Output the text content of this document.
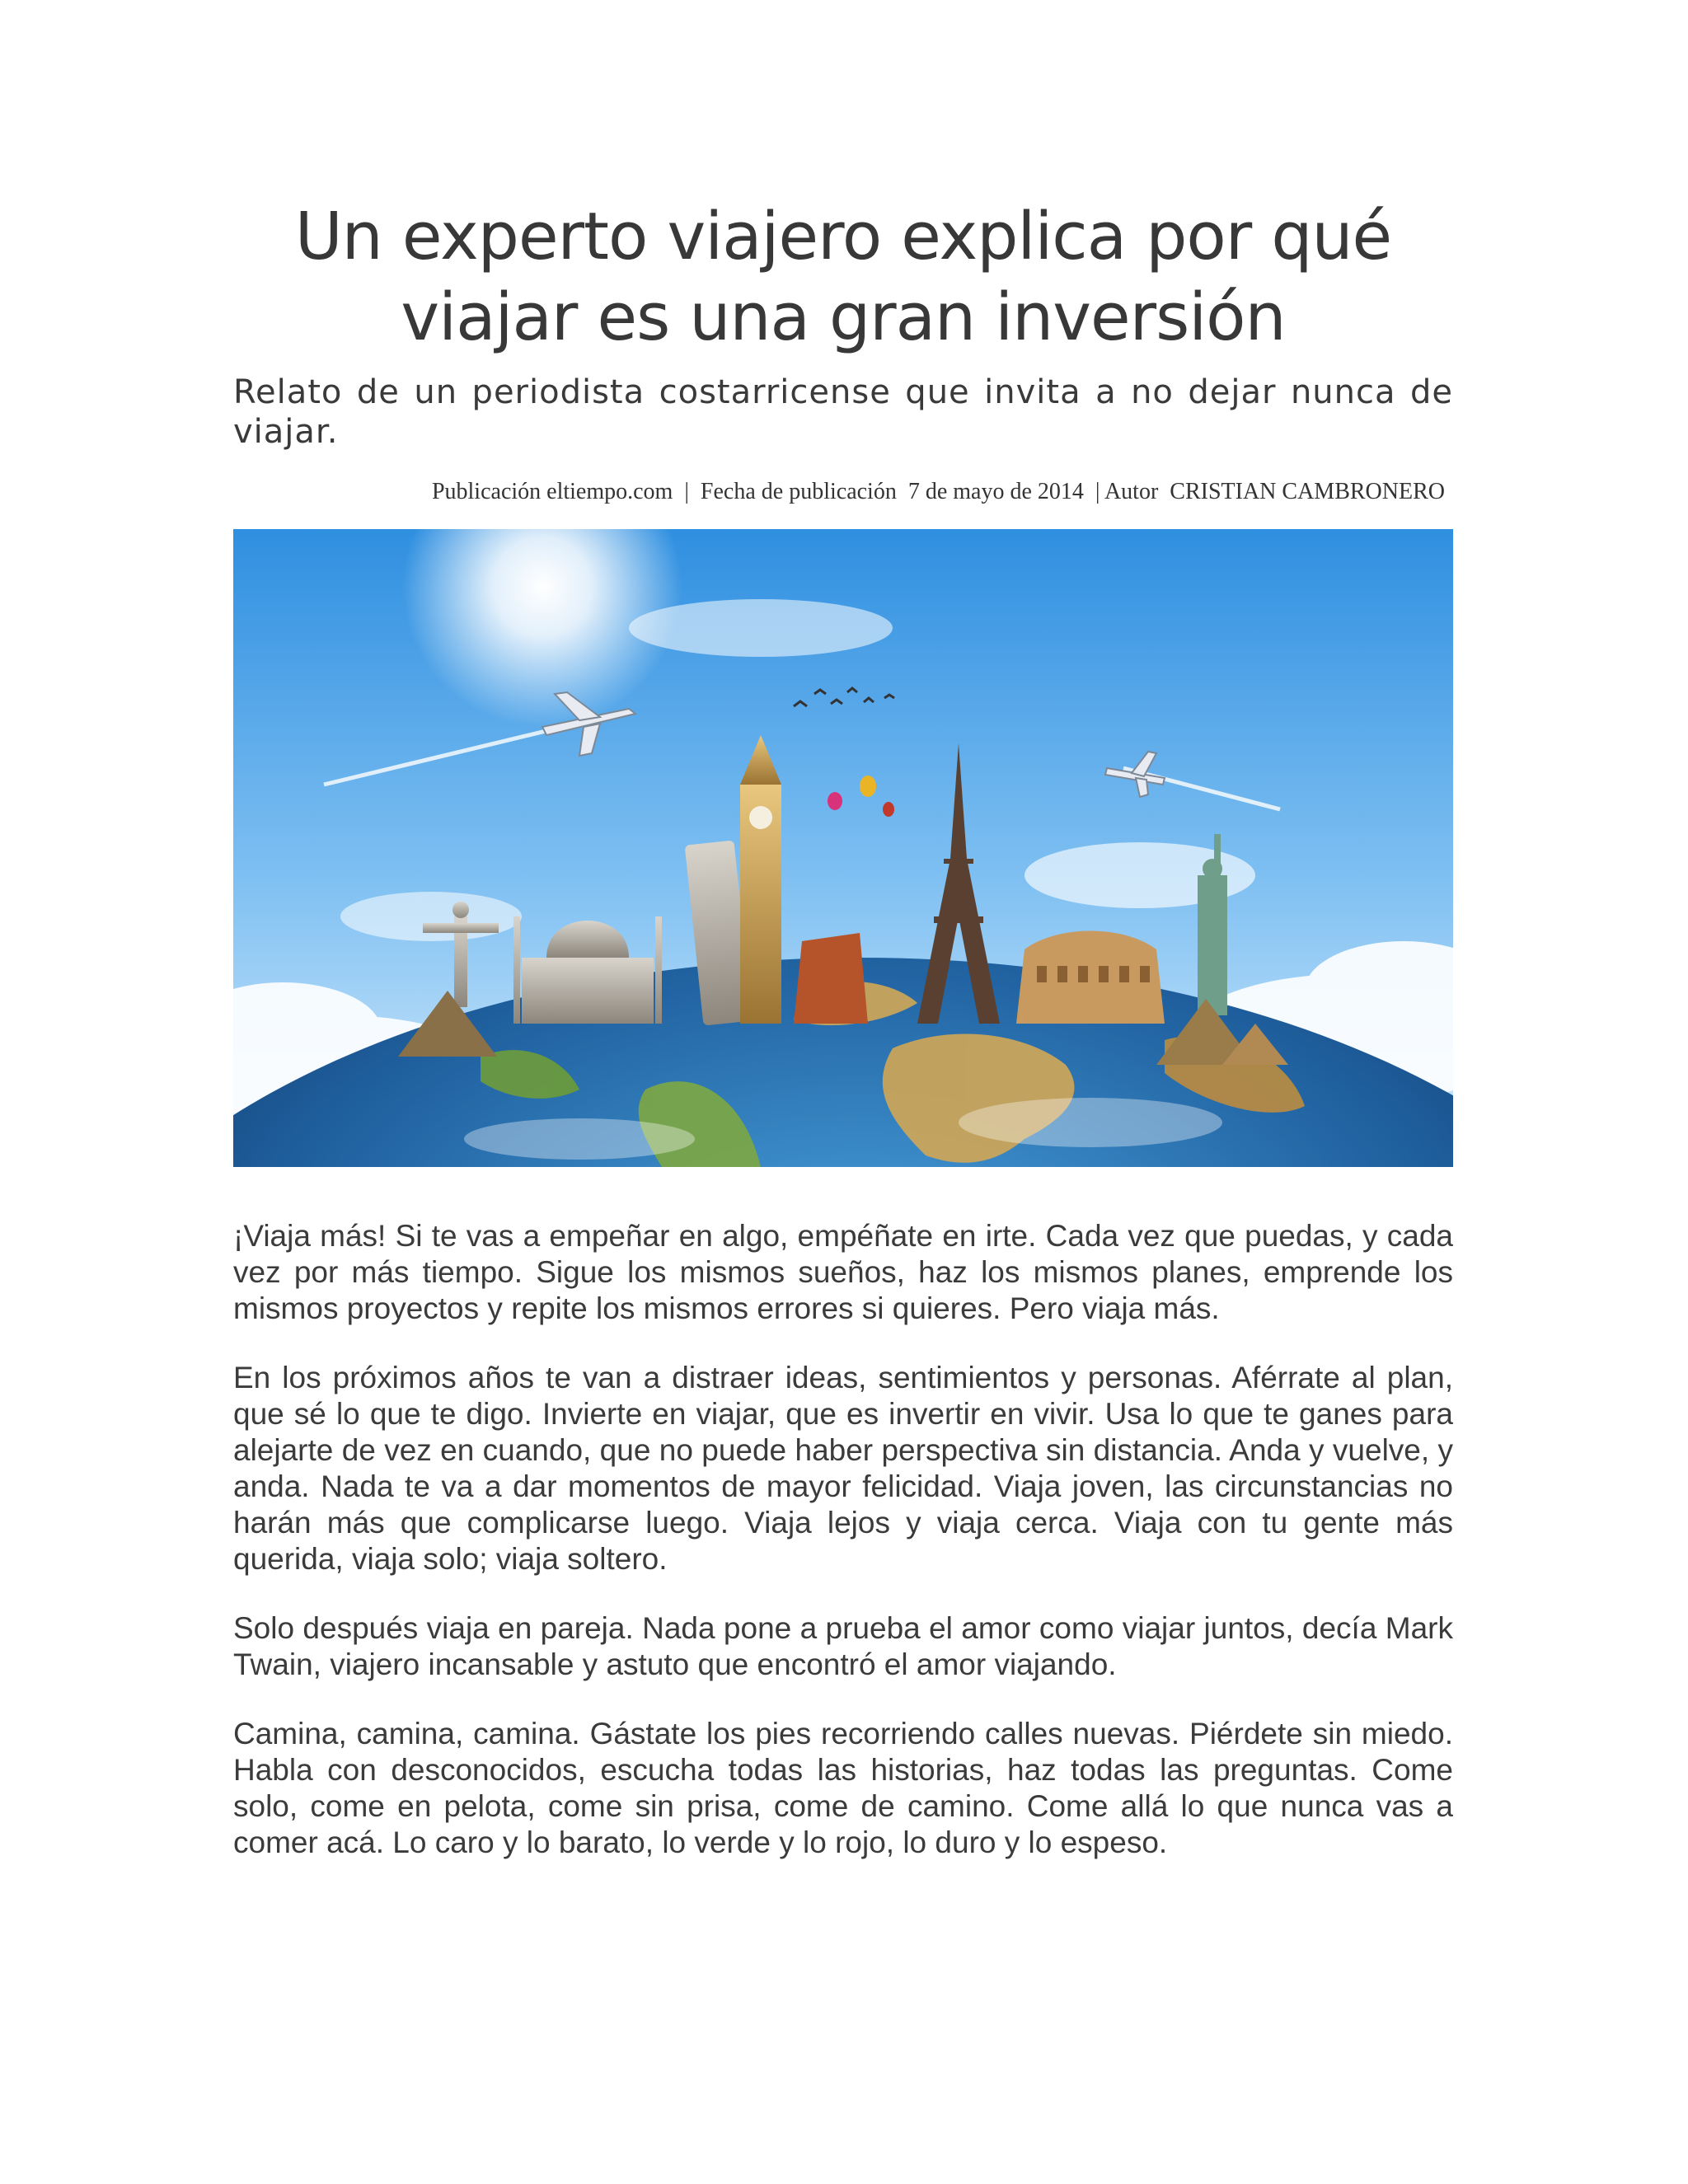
Un experto viajero explica por qué
viajar es una gran inversión

Relato de un periodista costarricense que invita a no dejar nunca de viajar.

Publicación eltiempo.com  |  Fecha de publicación  7 de mayo de 2014  | Autor  CRISTIAN CAMBRONERO

¡Viaja más! Si te vas a empeñar en algo, empéñate en irte. Cada vez que puedas, y cada vez por más tiempo. Sigue los mismos sueños, haz los mismos planes, emprende los mismos proyectos y repite los mismos errores si quieres. Pero viaja más.

En los próximos años te van a distraer ideas, sentimientos y personas. Aférrate al plan, que sé lo que te digo. Invierte en viajar, que es invertir en vivir. Usa lo que te ganes para alejarte de vez en cuando, que no puede haber perspectiva sin distancia. Anda y vuelve, y anda. Nada te va a dar momentos de mayor felicidad. Viaja joven, las circunstancias no harán más que complicarse luego. Viaja lejos y viaja cerca. Viaja con tu gente más querida, viaja solo; viaja soltero.

Solo después viaja en pareja. Nada pone a prueba el amor como viajar juntos, decía Mark Twain, viajero incansable y astuto que encontró el amor viajando.

Camina, camina, camina. Gástate los pies recorriendo calles nuevas. Piérdete sin miedo. Habla con desconocidos, escucha todas las historias, haz todas las preguntas. Come solo, come en pelota, come sin prisa, come de camino. Come allá lo que nunca vas a comer acá. Lo caro y lo barato, lo verde y lo rojo, lo duro y lo espeso.
